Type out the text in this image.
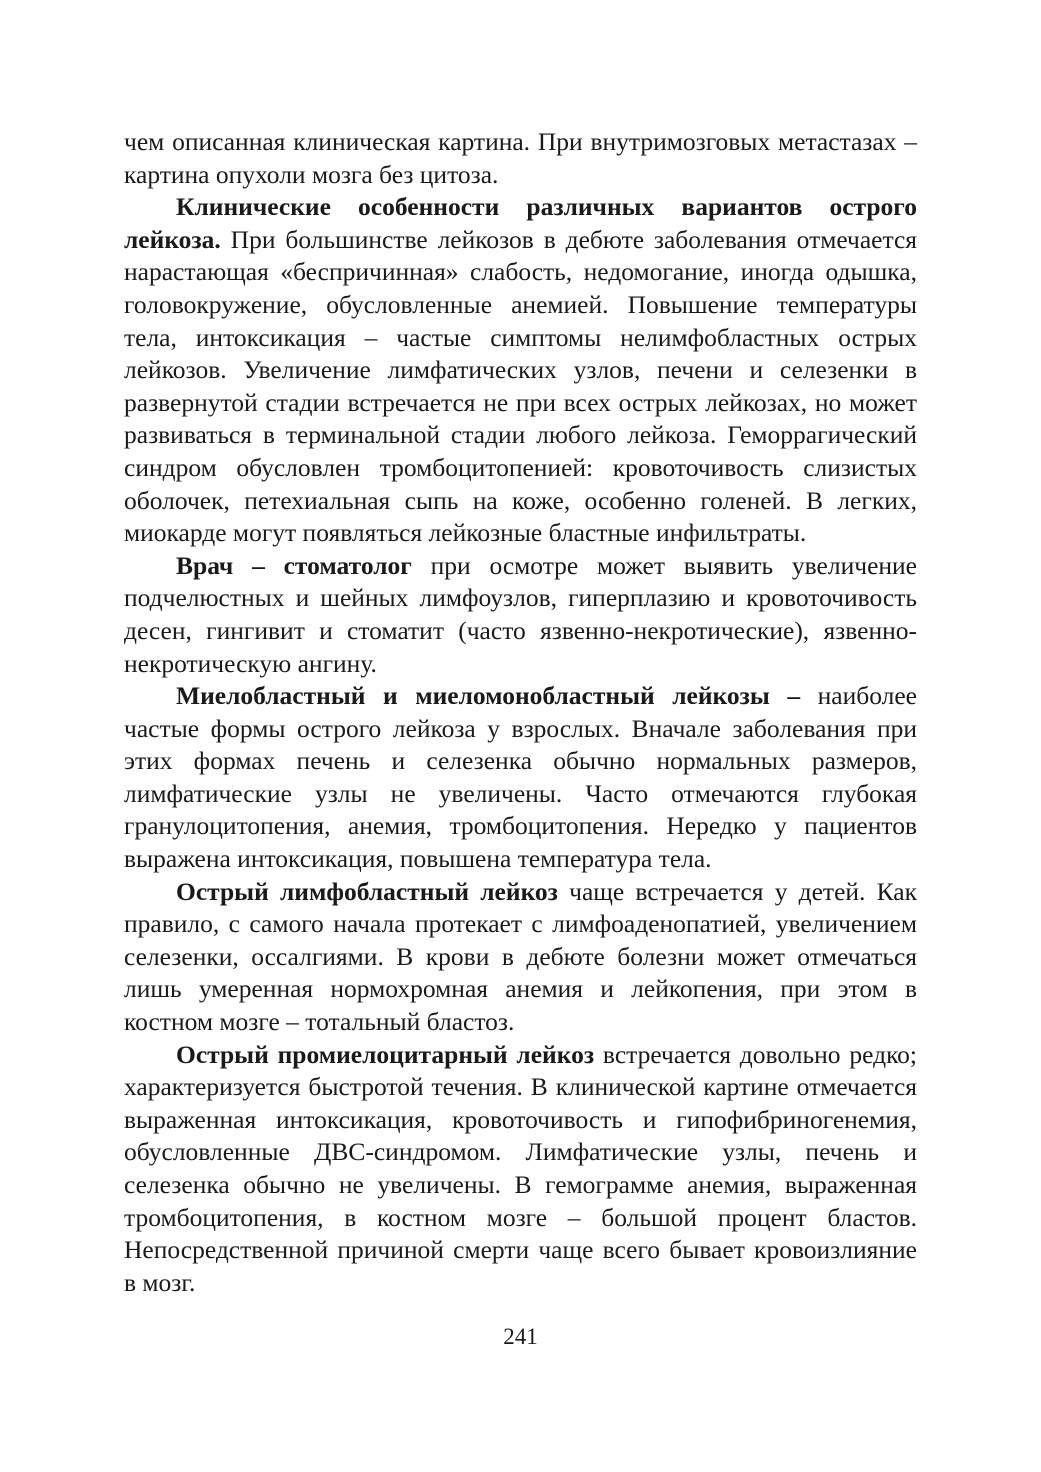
чем описанная клиническая картина. При внутримозговых метастазах – картина опухоли мозга без цитоза.

Клинические особенности различных вариантов острого лейкоза. При большинстве лейкозов в дебюте заболевания отмечается нарастающая «беспричинная» слабость, недомогание, иногда одышка, головокружение, обусловленные анемией. Повышение температуры тела, интоксикация – частые симптомы нелимфобластных острых лейкозов. Увеличение лимфатических узлов, печени и селезенки в развернутой стадии встречается не при всех острых лейкозах, но может развиваться в терминальной стадии любого лейкоза. Геморрагический синдром обусловлен тромбоцитопенией: кровоточивость слизистых оболочек, петехиальная сыпь на коже, особенно голеней. В легких, миокарде могут появляться лейкозные бластные инфильтраты.

Врач – стоматолог при осмотре может выявить увеличение подчелюстных и шейных лимфоузлов, гиперплазию и кровоточивость десен, гингивит и стоматит (часто язвенно-некротические), язвенно-некротическую ангину.

Миелобластный и миеломонобластный лейкозы – наиболее частые формы острого лейкоза у взрослых. Вначале заболевания при этих формах печень и селезенка обычно нормальных размеров, лимфатические узлы не увеличены. Часто отмечаются глубокая гранулоцитопения, анемия, тромбоцитопения. Нередко у пациентов выражена интоксикация, повышена температура тела.

Острый лимфобластный лейкоз чаще встречается у детей. Как правило, с самого начала протекает с лимфоаденопатией, увеличением селезенки, оссалгиями. В крови в дебюте болезни может отмечаться лишь умеренная нормохромная анемия и лейкопения, при этом в костном мозге – тотальный бластоз.

Острый промиелоцитарный лейкоз встречается довольно редко; характеризуется быстротой течения. В клинической картине отмечается выраженная интоксикация, кровоточивость и гипофибриногенемия, обусловленные ДВС-синдромом. Лимфатические узлы, печень и селезенка обычно не увеличены. В гемограмме анемия, выраженная тромбоцитопения, в костном мозге – большой процент бластов. Непосредственной причиной смерти чаще всего бывает кровоизлияние в мозг.

241
